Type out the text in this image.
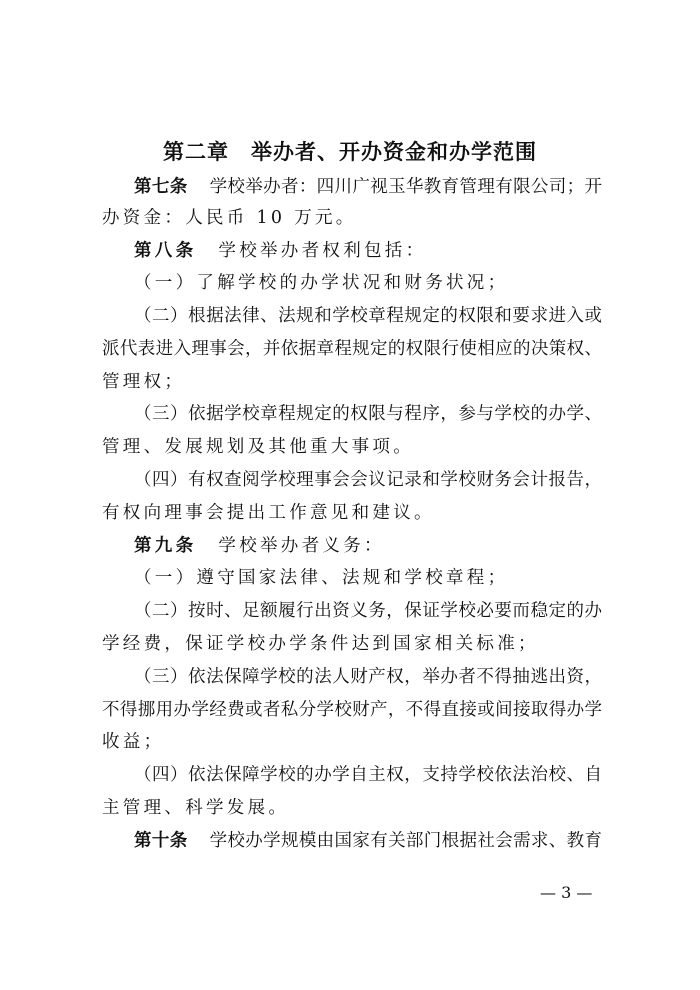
第二章　举办者、开办资金和办学范围
第七条 学校举办者：四川广视玉华教育管理有限公司；开
办资金：人民币 10 万元。
第八条 学校举办者权利包括：
（一）了解学校的办学状况和财务状况；
（二）根据法律、法规和学校章程规定的权限和要求进入或
派代表进入理事会，并依据章程规定的权限行使相应的决策权、
管理权；
（三）依据学校章程规定的权限与程序，参与学校的办学、
管理、发展规划及其他重大事项。
（四）有权查阅学校理事会会议记录和学校财务会计报告，
有权向理事会提出工作意见和建议。
第九条 学校举办者义务：
（一）遵守国家法律、法规和学校章程；
（二）按时、足额履行出资义务，保证学校必要而稳定的办
学经费，保证学校办学条件达到国家相关标准；
（三）依法保障学校的法人财产权，举办者不得抽逃出资，
不得挪用办学经费或者私分学校财产，不得直接或间接取得办学
收益；
（四）依法保障学校的办学自主权，支持学校依法治校、自
主管理、科学发展。
第十条 学校办学规模由国家有关部门根据社会需求、教育
— 3 —
